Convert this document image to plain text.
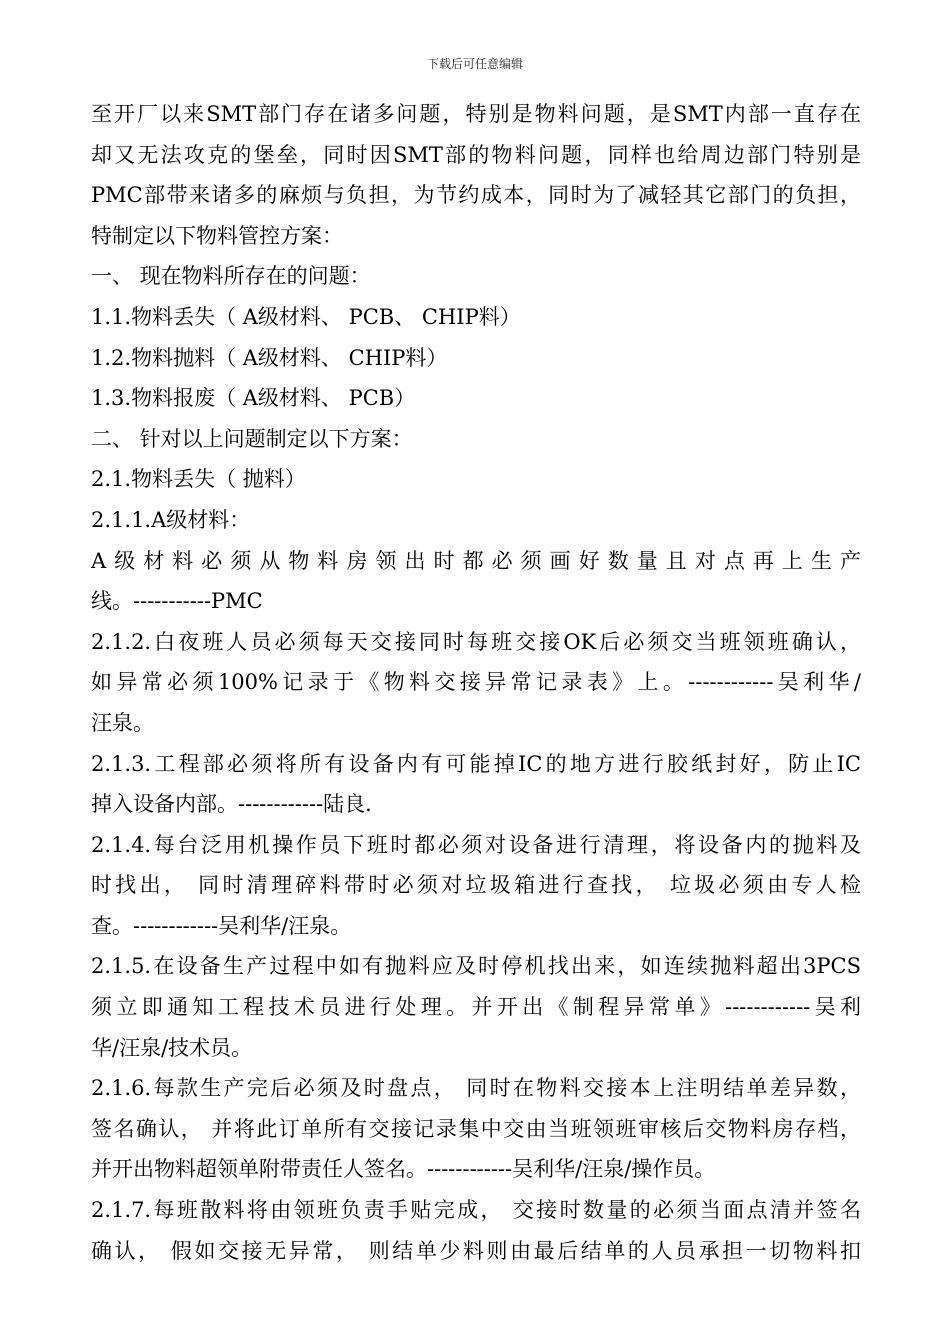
下载后可任意编辑
至开厂以来SMT部门存在诸多问题，特别是物料问题，是SMT内部一直存在
却又无法攻克的堡垒，同时因SMT部的物料问题，同样也给周边部门特别是
PMC部带来诸多的麻烦与负担，为节约成本，同时为了减轻其它部门的负担，
特制定以下物料管控方案：
一、 现在物料所存在的问题：
1.1.物料丢失（ A级材料、 PCB、 CHIP料）
1.2.物料抛料（ A级材料、 CHIP料）
1.3.物料报废（ A级材料、 PCB）
二、 针对以上问题制定以下方案：
2.1.物料丢失（ 抛料）
2.1.1.A级材料：
A级材料必须从物料房领出时都必须画好数量且对点再上生产
线。-----------PMC
2.1.2.白夜班人员必须每天交接同时每班交接OK后必须交当班领班确认，
如异常必须100%记录于《物料交接异常记录表》上。------------吴利华/
汪泉。
2.1.3.工程部必须将所有设备内有可能掉IC的地方进行胶纸封好，防止IC
掉入设备内部。------------陆良.
2.1.4.每台泛用机操作员下班时都必须对设备进行清理，将设备内的抛料及
时找出， 同时清理碎料带时必须对垃圾箱进行查找， 垃圾必须由专人检
查。------------吴利华/汪泉。
2.1.5.在设备生产过程中如有抛料应及时停机找出来，如连续抛料超出3PCS
须立即通知工程技术员进行处理。并开出《制程异常单》------------吴利
华/汪泉/技术员。
2.1.6.每款生产完后必须及时盘点， 同时在物料交接本上注明结单差异数，
签名确认， 并将此订单所有交接记录集中交由当班领班审核后交物料房存档，
并开出物料超领单附带责任人签名。------------吴利华/汪泉/操作员。
2.1.7.每班散料将由领班负责手贴完成， 交接时数量的必须当面点清并签名
确认， 假如交接无异常， 则结单少料则由最后结单的人员承担一切物料扣
